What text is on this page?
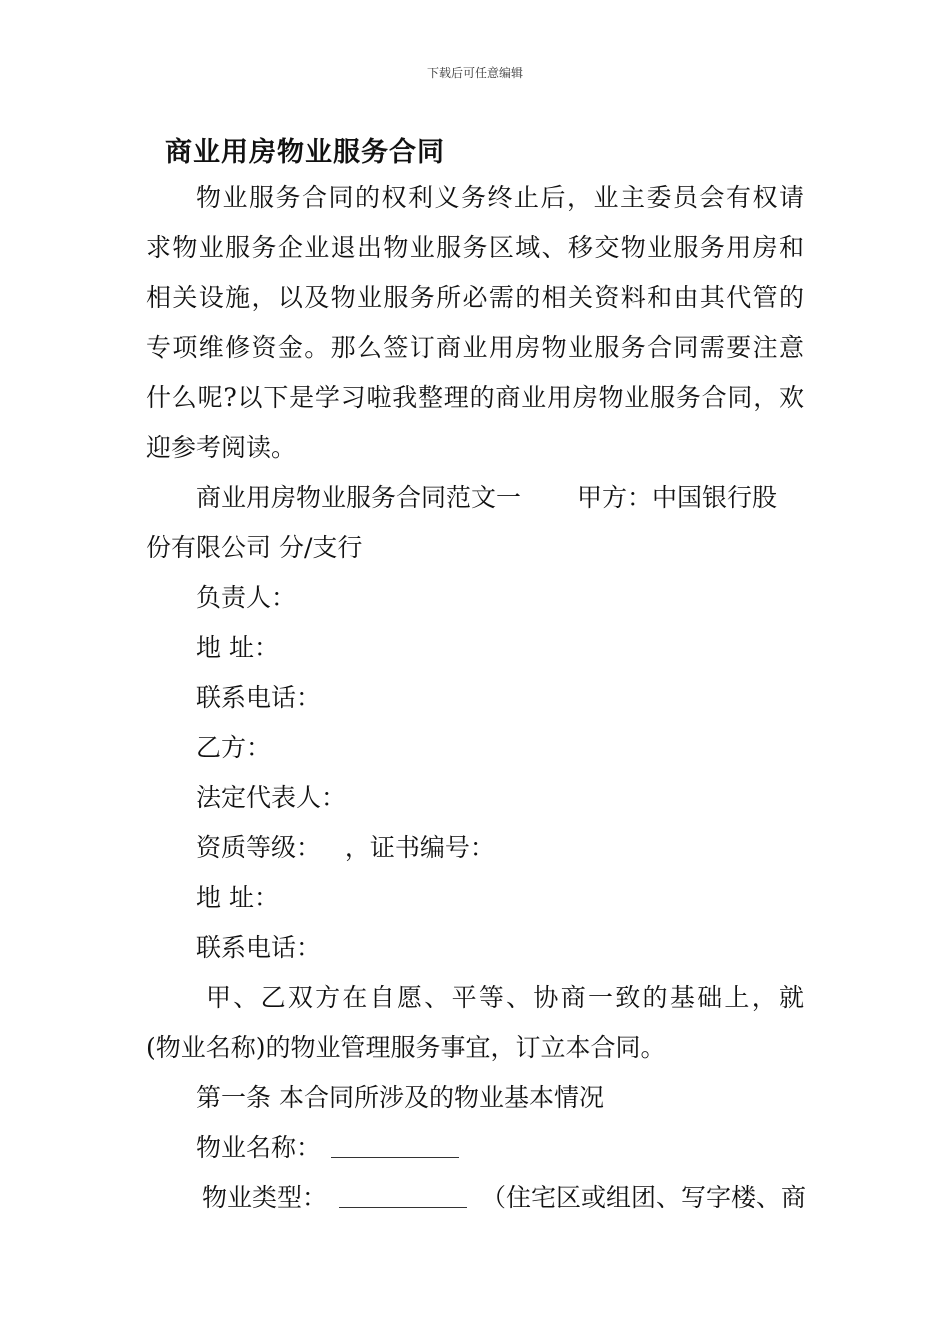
下载后可任意编辑
商业用房物业服务合同
物业服务合同的权利义务终止后，业主委员会有权请
求物业服务企业退出物业服务区域、移交物业服务用房和
相关设施，以及物业服务所必需的相关资料和由其代管的
专项维修资金。那么签订商业用房物业服务合同需要注意
什么呢?以下是学习啦我整理的商业用房物业服务合同，欢
迎参考阅读。
商业用房物业服务合同范文一 甲方：中国银行股
份有限公司 分/支行
负责人：
地 址：
联系电话：
乙方：
法定代表人：
资质等级：   ，证书编号：
地 址：
联系电话：
甲、乙双方在自愿、平等、协商一致的基础上，就
(物业名称)的物业管理服务事宜，订立本合同。
第一条 本合同所涉及的物业基本情况
物业名称：
物业类型：	（住宅区或组团、写字楼、商
